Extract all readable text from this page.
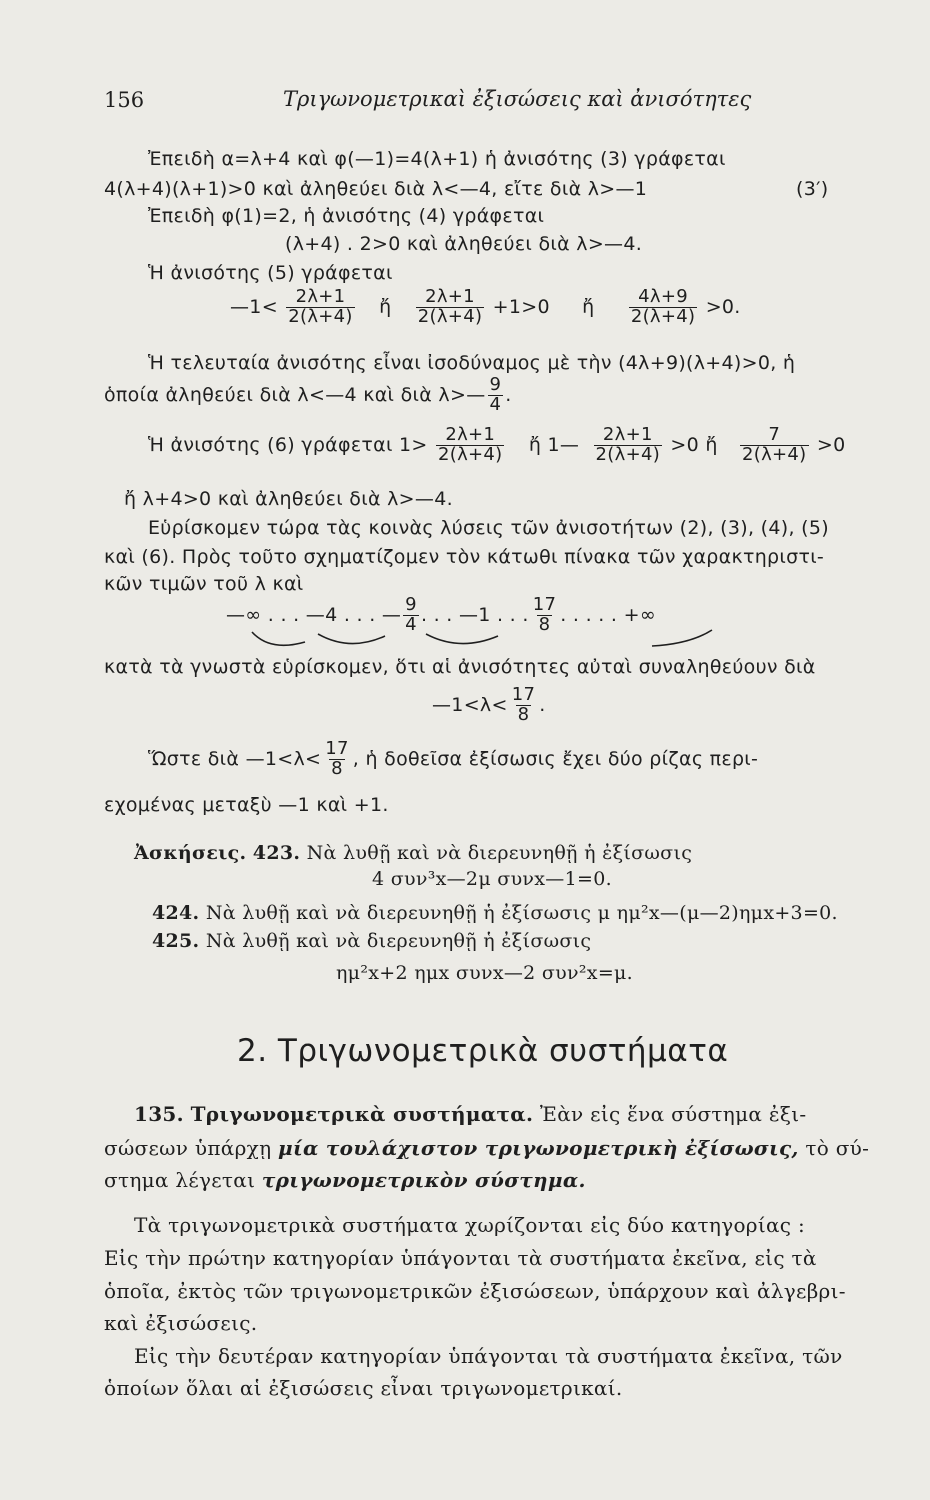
156	Τριγωνομετρικαὶ ἐξισώσεις καὶ ἀνισότητες
Ἐπειδὴ α=λ+4 καὶ φ(—1)=4(λ+1) ἡ ἀνισότης (3) γράφεται
4(λ+4)(λ+1)>0 καὶ ἀληθεύει διὰ λ<—4, εἴτε διὰ λ>—1	(3′)
Ἐπειδὴ φ(1)=2, ἡ ἀνισότης (4) γράφεται
(λ+4) . 2>0 καὶ ἀληθεύει διὰ λ>—4.
Ἡ ἀνισότης (5) γράφεται
—1< $\frac{2\lambda+1}{2(\lambda+4)}$ ἤ $\frac{2\lambda+1}{2(\lambda+4)} +1>0$ ἤ $\frac{4\lambda+9}{2(\lambda+4)} >0$.
Ἡ τελευταία ἀνισότης εἶναι ἰσοδύναμος μὲ τὴν (4λ+9)(λ+4)>0, ἡ
ὁποία ἀληθεύει διὰ λ<—4 καὶ διὰ λ>— $\frac{9}{4}$ .
Ἡ ἀνισότης (6) γράφεται $1> \frac{2\lambda+1}{2(\lambda+4)}$ ἤ 1— $\frac{2\lambda+1}{2(\lambda+4)} >0$ ἤ $\frac{7}{2(\lambda+4)} >0$
ἤ λ+4>0 καὶ ἀληθεύει διὰ λ>—4.
Εὑρίσκομεν τώρα τὰς κοινὰς λύσεις τῶν ἀνισοτήτων (2), (3), (4), (5)
καὶ (6). Πρὸς τοῦτο σχηματίζομεν τὸν κάτωθι πίνακα τῶν χαρακτηριστι-
κῶν τιμῶν τοῦ λ καὶ
—∞ . . . —4 . . . — $\frac{9}{4}$ . . . —1 . . . $\frac{17}{8}$ . . . . . +∞
κατὰ τὰ γνωστὰ εὑρίσκομεν, ὅτι αἱ ἀνισότητες αὐταὶ συναληθεύουν διὰ
—1<λ< $\frac{17}{8}$ .
Ὥστε διὰ —1<λ< $\frac{17}{8}$ , ἡ δοθεῖσα ἐξίσωσις ἔχει δύο ρίζας περι-
εχομένας μεταξὺ —1 καὶ +1.
Ἀσκήσεις. 423. Νὰ λυθῇ καὶ νὰ διερευνηθῇ ἡ ἐξίσωσις
4 συν³x—2μ συνx—1=0.
424. Νὰ λυθῇ καὶ νὰ διερευνηθῇ ἡ ἐξίσωσις μ ημ²x—(μ—2)ημx+3=0.
425. Νὰ λυθῇ καὶ νὰ διερευνηθῇ ἡ ἐξίσωσις
ημ²x+2 ημx συνx—2 συν²x=μ.
2. Τριγωνομετρικὰ συστήματα
135. Τριγωνομετρικὰ συστήματα. Ἐὰν εἰς ἕνα σύστημα ἐξι-
σώσεων ὑπάρχῃ μία τουλάχιστον τριγωνομετρικὴ ἐξίσωσις, τὸ σύ-
στημα λέγεται τριγωνομετρικὸν σύστημα.
Τὰ τριγωνομετρικὰ συστήματα χωρίζονται εἰς δύο κατηγορίας :
Εἰς τὴν πρώτην κατηγορίαν ὑπάγονται τὰ συστήματα ἐκεῖνα, εἰς τὰ
ὁποῖα, ἐκτὸς τῶν τριγωνομετρικῶν ἐξισώσεων, ὑπάρχουν καὶ ἀλγεβρι-
καὶ ἐξισώσεις.
Εἰς τὴν δευτέραν κατηγορίαν ὑπάγονται τὰ συστήματα ἐκεῖνα, τῶν
ὁποίων ὅλαι αἱ ἐξισώσεις εἶναι τριγωνομετρικαί.
